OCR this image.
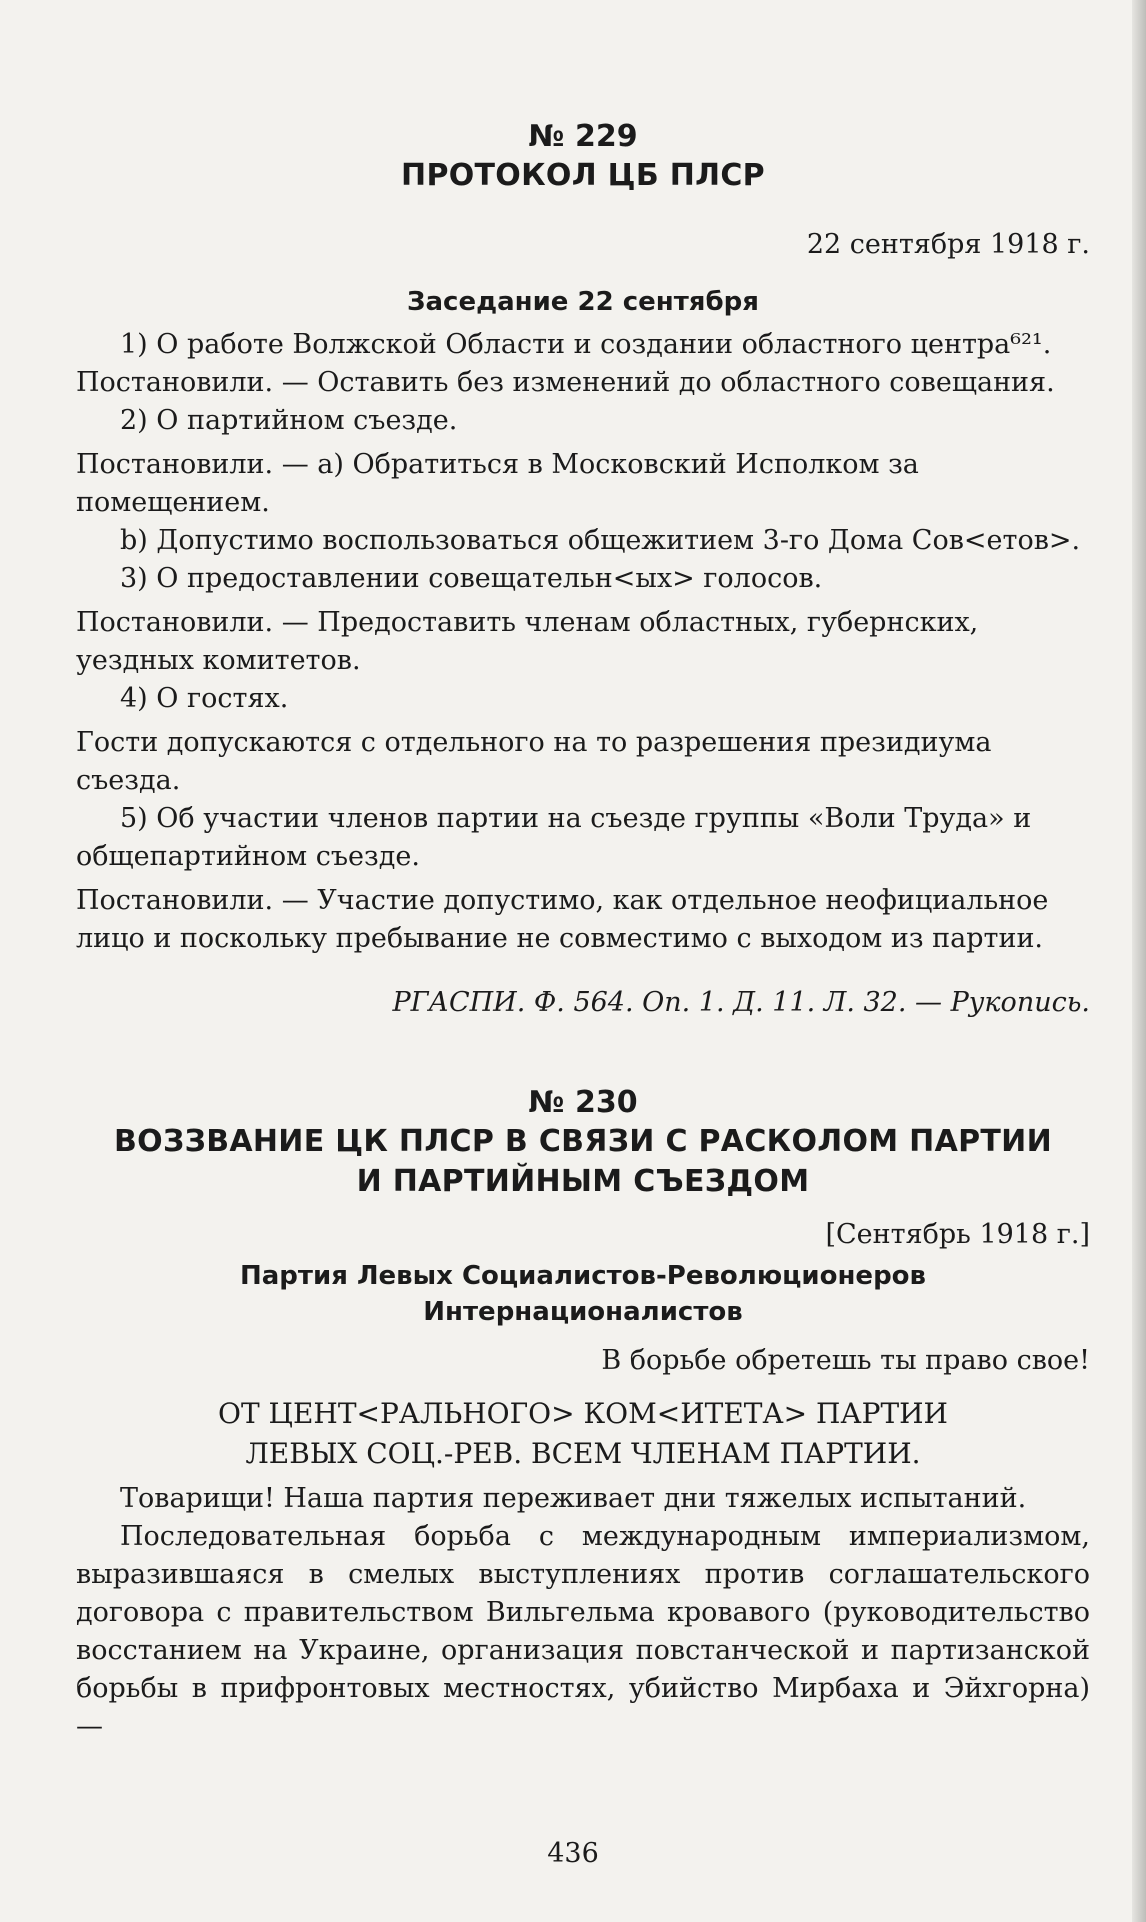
№ 229
ПРОТОКОЛ ЦБ ПЛСР
22 сентября 1918 г.
Заседание 22 сентября

1) О работе Волжской Области и создании областного центра⁶²¹.

Постановили. — Оставить без изменений до областного совещания.

2) О партийном съезде.

Постановили. — а) Обратиться в Московский Исполком за помещением.

b) Допустимо воспользоваться общежитием 3-го Дома Сов<етов>.

3) О предоставлении совещательн<ых> голосов.

Постановили. — Предоставить членам областных, губернских, уездных комитетов.

4) О гостях.

Гости допускаются с отдельного на то разрешения президиума съезда.

5) Об участии членов партии на съезде группы «Воли Труда» и общепартийном съезде.

Постановили. — Участие допустимо, как отдельное неофициальное лицо и поскольку пребывание не совместимо с выходом из партии.

РГАСПИ. Ф. 564. Оп. 1. Д. 11. Л. 32. — Рукопись.
№ 230
ВОЗЗВАНИЕ ЦК ПЛСР В СВЯЗИ С РАСКОЛОМ ПАРТИИ
И ПАРТИЙНЫМ СЪЕЗДОМ
[Сентябрь 1918 г.]
Партия Левых Социалистов-Революционеров
Интернационалистов
В борьбе обретешь ты право свое!
ОТ ЦЕНТ<РАЛЬНОГО> КОМ<ИТЕТА> ПАРТИИ
ЛЕВЫХ СОЦ.-РЕВ. ВСЕМ ЧЛЕНАМ ПАРТИИ.

Товарищи! Наша партия переживает дни тяжелых испытаний.

Последовательная борьба с международным империализмом, выразившаяся в смелых выступлениях против соглашательского договора с правительством Вильгельма кровавого (руководительство восстанием на Украине, организация повстанческой и партизанской борьбы в прифронтовых местностях, убийство Мирбаха и Эйхгорна) —

436
